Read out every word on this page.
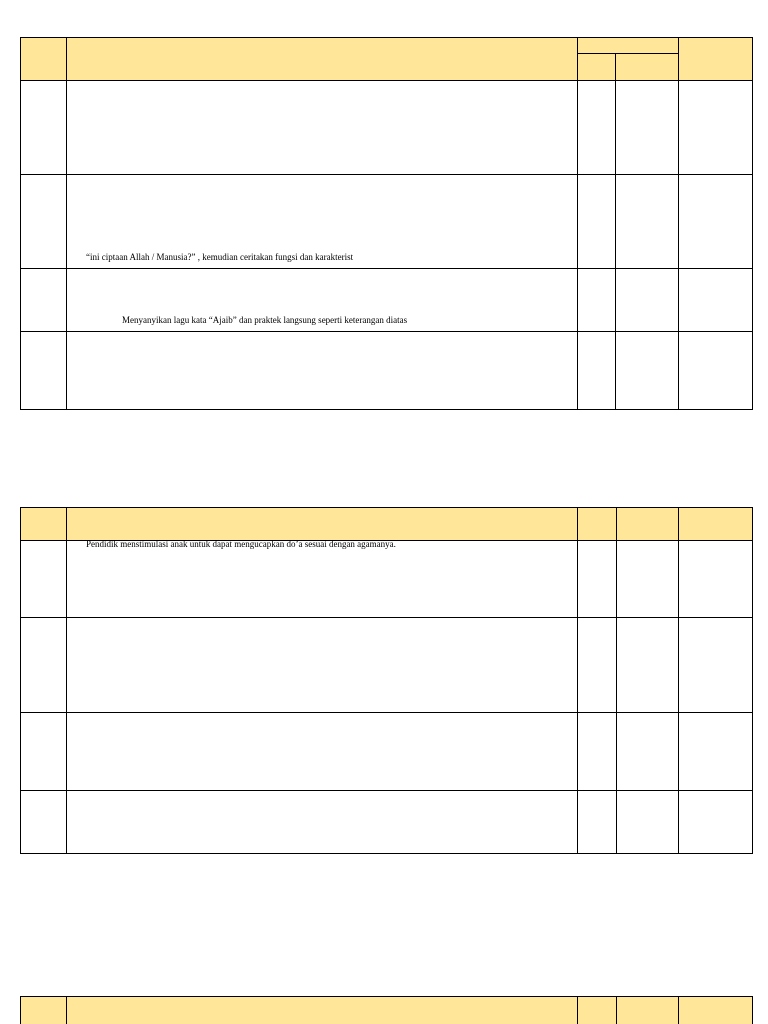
“ini ciptaan Allah / Manusia?” , kemudian ceritakan fungsi dan karakterist
Menyanyikan lagu kata “Ajaib” dan praktek langsung seperti keterangan diatas
Pendidik menstimulasi anak untuk dapat mengucapkan do’a sesuai dengan agamanya.
